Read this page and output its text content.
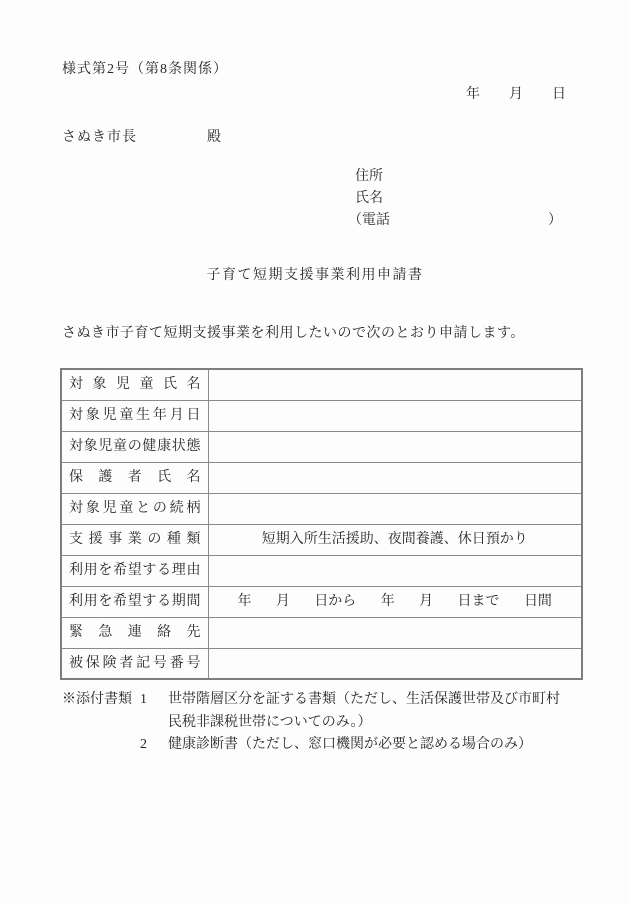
様式第2号（第8条関係）
年 月 日
さぬき市長	殿
住所
氏名
（電話	）
子育て短期支援事業利用申請書

さぬき市子育て短期支援事業を利用したいので次のとおり申請します。

対象児童氏名	
対象児童生年月日	
対象児童の健康状態	
保護者氏名	
対象児童との続柄	
支援事業の種類	短期入所生活援助、夜間養護、休日預かり
利用を希望する理由	
利用を希望する期間	年 月 日から 年 月 日まで 日間

緊急連絡先	
被保険者記号番号	
※添付書類 1	世帯階層区分を証する書類（ただし、生活保護世帯及び市町村
民税非課税世帯についてのみ。）
2	健康診断書（ただし、窓口機関が必要と認める場合のみ）
